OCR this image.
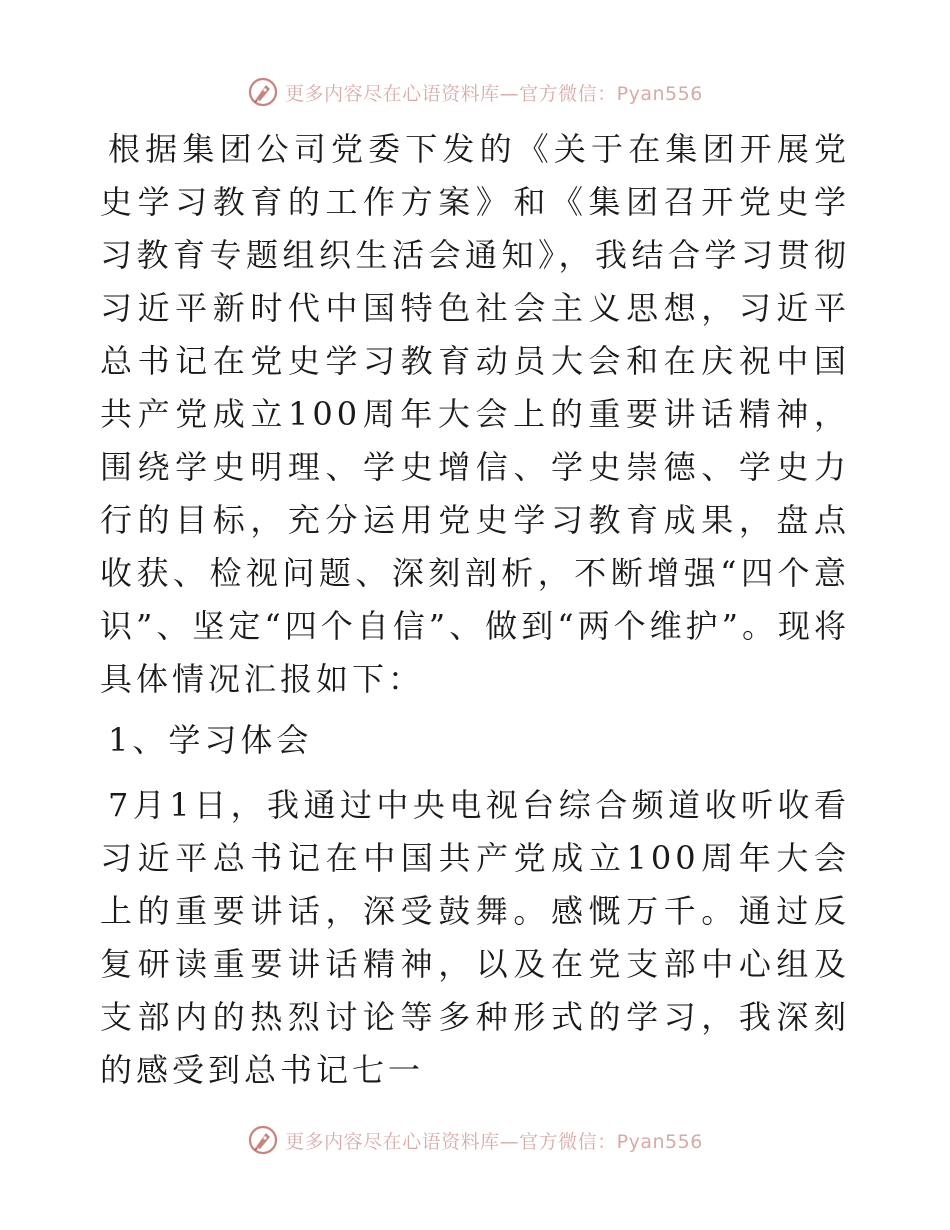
更多内容尽在心语资料库—官方微信：Pyan556

根据集团公司党委下发的《关于在集团开展党史学习教育的工作方案》和《集团召开党史学习教育专题组织生活会通知》，我结合学习贯彻习近平新时代中国特色社会主义思想，习近平总书记在党史学习教育动员大会和在庆祝中国共产党成立100周年大会上的重要讲话精神，围绕学史明理、学史增信、学史崇德、学史力行的目标，充分运用党史学习教育成果，盘点收获、检视问题、深刻剖析，不断增强“四个意识”、坚定“四个自信”、做到“两个维护”。现将具体情况汇报如下：

1、学习体会

7月1日，我通过中央电视台综合频道收听收看习近平总书记在中国共产党成立100周年大会上的重要讲话，深受鼓舞。感慨万千。通过反复研读重要讲话精神，以及在党支部中心组及支部内的热烈讨论等多种形式的学习，我深刻的感受到总书记七一

更多内容尽在心语资料库—官方微信：Pyan556
